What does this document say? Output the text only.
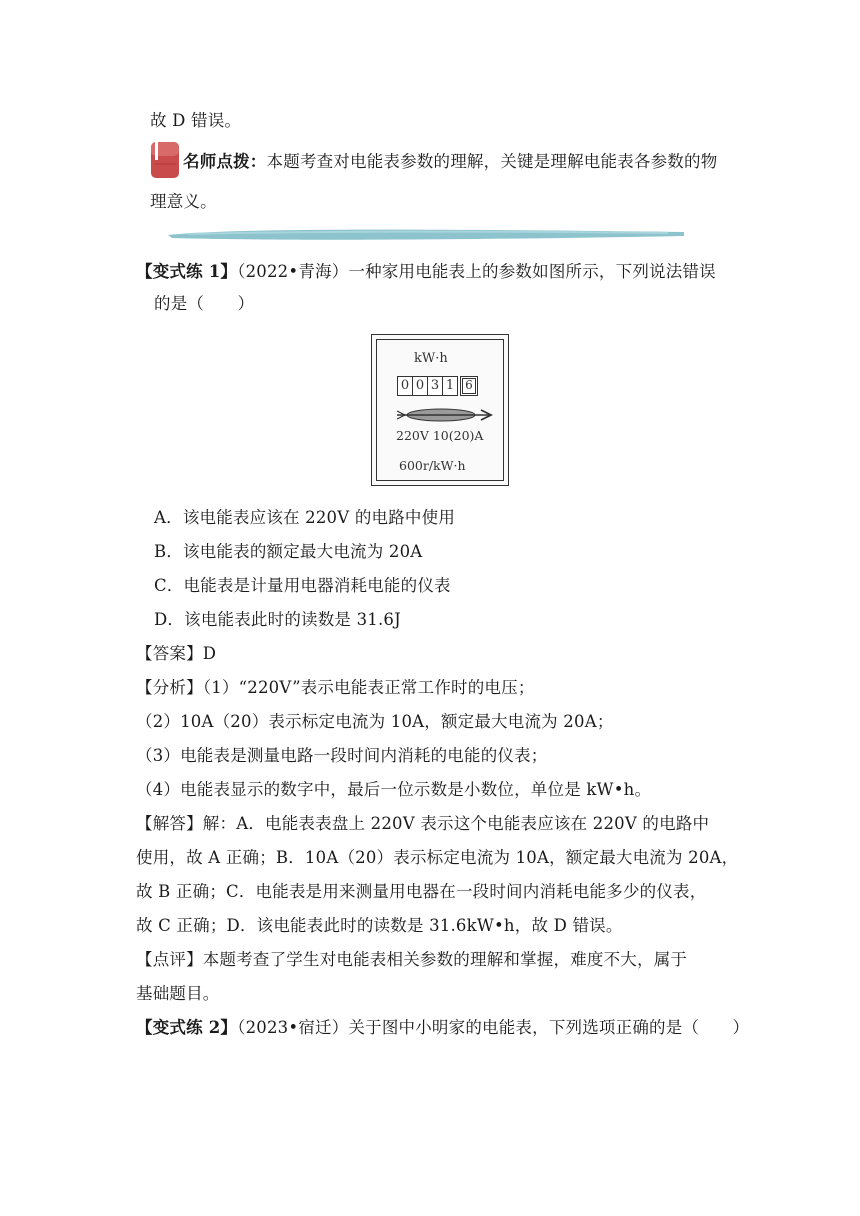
故 D 错误。
名师点拨：本题考查对电能表参数的理解，关键是理解电能表各参数的物
理意义。
【变式练 1】（2022•青海）一种家用电能表上的参数如图所示，下列说法错误
的是（　　）
kW·h
0 0 3 1 6
220V 10(20)A
600r/kW·h
A．该电能表应该在 220V 的电路中使用
B．该电能表的额定最大电流为 20A
C．电能表是计量用电器消耗电能的仪表
D．该电能表此时的读数是 31.6J
【答案】D
【分析】（1）“220V”表示电能表正常工作时的电压；
（2）10A（20）表示标定电流为 10A，额定最大电流为 20A；
（3）电能表是测量电路一段时间内消耗的电能的仪表；
（4）电能表显示的数字中，最后一位示数是小数位，单位是 kW•h。
【解答】解：A．电能表表盘上 220V 表示这个电能表应该在 220V 的电路中
使用，故 A 正确；B．10A（20）表示标定电流为 10A，额定最大电流为 20A，
故 B 正确；C．电能表是用来测量用电器在一段时间内消耗电能多少的仪表，
故 C 正确；D．该电能表此时的读数是 31.6kW•h，故 D 错误。
【点评】本题考查了学生对电能表相关参数的理解和掌握，难度不大，属于
基础题目。
【变式练 2】（2023•宿迁）关于图中小明家的电能表，下列选项正确的是（　　）
